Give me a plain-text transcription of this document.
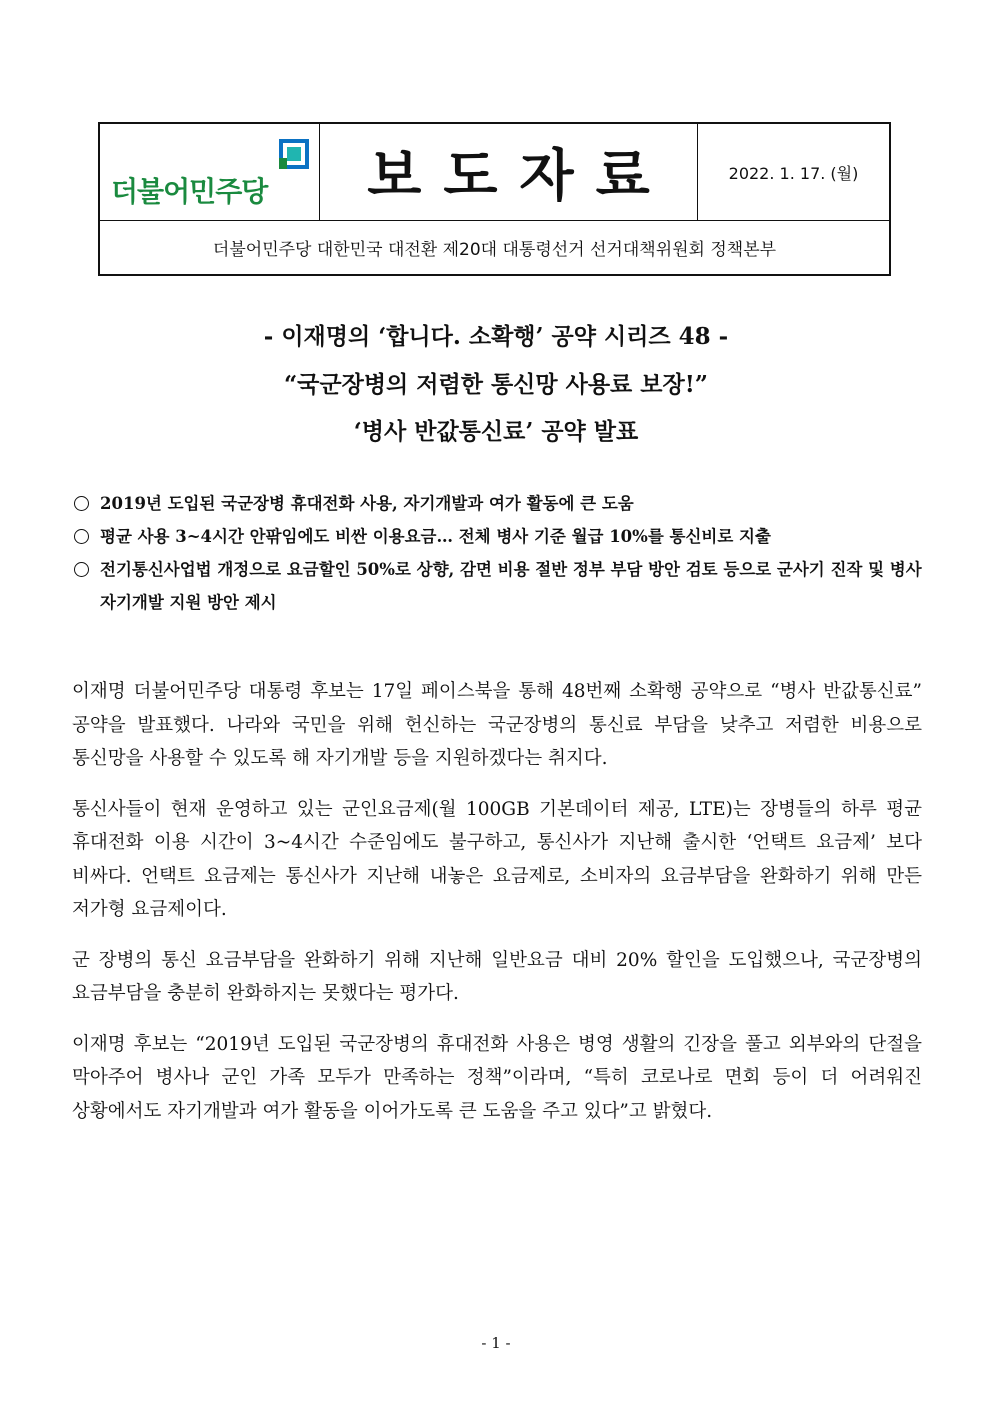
더불어민주당	보도자료	2022. 1. 17. (월)
더불어민주당 대한민국 대전환 제20대 대통령선거 선거대책위원회 정책본부
- 이재명의 ‘합니다. 소확행’ 공약 시리즈 48 -
“국군장병의 저렴한 통신망 사용료 보장!”
‘병사 반값통신료’ 공약 발표
2019년 도입된 국군장병 휴대전화 사용, 자기개발과 여가 활동에 큰 도움
평균 사용 3~4시간 안팎임에도 비싼 이용요금… 전체 병사 기준 월급 10%를 통신비로 지출
전기통신사업법 개정으로 요금할인 50%로 상향, 감면 비용 절반 정부 부담 방안 검토 등으로 군사기 진작 및 병사 자기개발 지원 방안 제시

이재명 더불어민주당 대통령 후보는 17일 페이스북을 통해 48번째 소확행 공약으로 “병사 반값통신료” 공약을 발표했다. 나라와 국민을 위해 헌신하는 국군장병의 통신료 부담을 낮추고 저렴한 비용으로 통신망을 사용할 수 있도록 해 자기개발 등을 지원하겠다는 취지다.

통신사들이 현재 운영하고 있는 군인요금제(월 100GB 기본데이터 제공, LTE)는 장병들의 하루 평균 휴대전화 이용 시간이 3~4시간 수준임에도 불구하고, 통신사가 지난해 출시한 ‘언택트 요금제’ 보다 비싸다. 언택트 요금제는 통신사가 지난해 내놓은 요금제로, 소비자의 요금부담을 완화하기 위해 만든 저가형 요금제이다.

군 장병의 통신 요금부담을 완화하기 위해 지난해 일반요금 대비 20% 할인을 도입했으나, 국군장병의 요금부담을 충분히 완화하지는 못했다는 평가다.

이재명 후보는 “2019년 도입된 국군장병의 휴대전화 사용은 병영 생활의 긴장을 풀고 외부와의 단절을 막아주어 병사나 군인 가족 모두가 만족하는 정책”이라며, “특히 코로나로 면회 등이 더 어려워진 상황에서도 자기개발과 여가 활동을 이어가도록 큰 도움을 주고 있다”고 밝혔다.

- 1 -
